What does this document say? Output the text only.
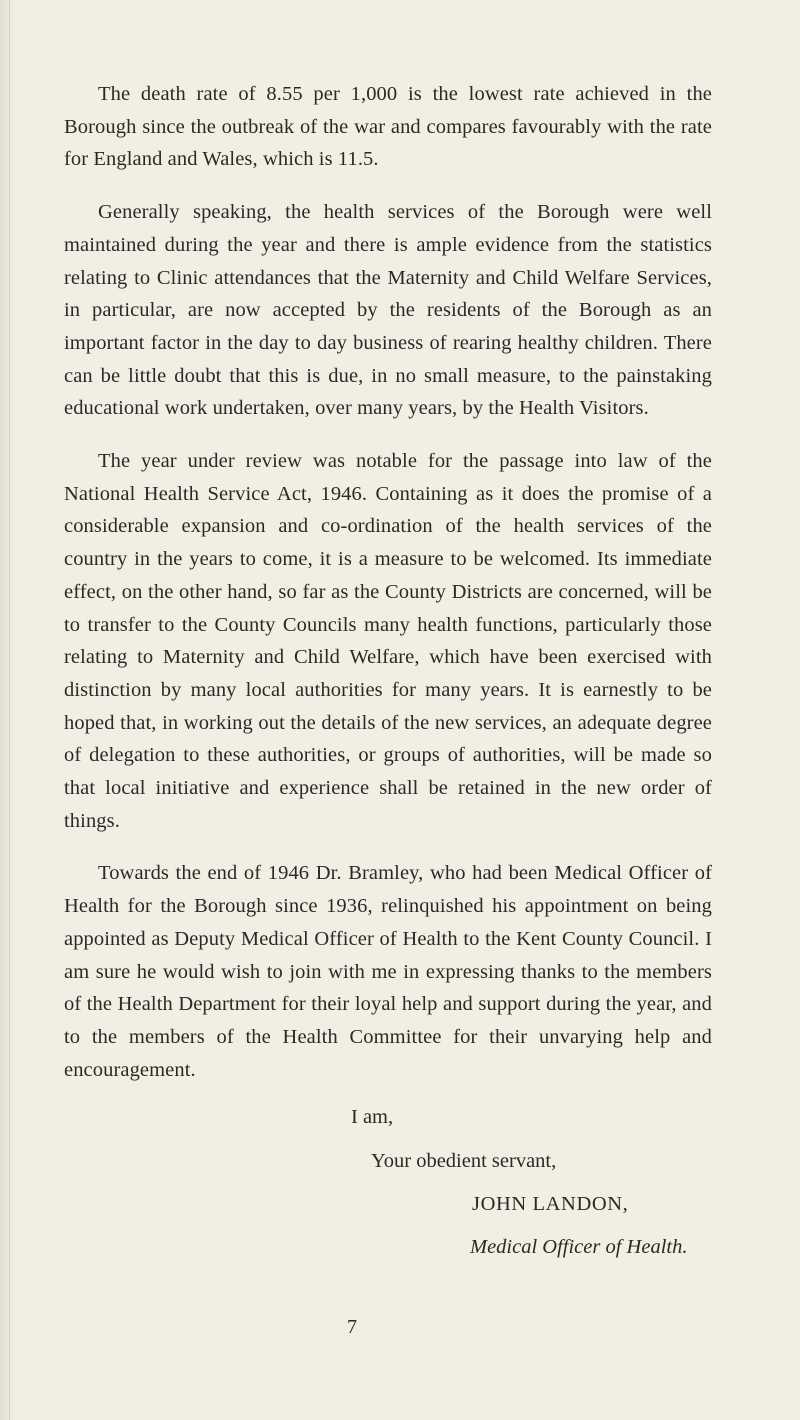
The death rate of 8.55 per 1,000 is the lowest rate achieved in the Borough since the outbreak of the war and compares favourably with the rate for England and Wales, which is 11.5.

Generally speaking, the health services of the Borough were well maintained during the year and there is ample evidence from the statistics relating to Clinic attendances that the Maternity and Child Welfare Services, in particular, are now accepted by the residents of the Borough as an important factor in the day to day business of rearing healthy children. There can be little doubt that this is due, in no small measure, to the painstaking educational work undertaken, over many years, by the Health Visitors.

The year under review was notable for the passage into law of the National Health Service Act, 1946. Containing as it does the promise of a considerable expansion and co-ordination of the health services of the country in the years to come, it is a measure to be welcomed. Its immediate effect, on the other hand, so far as the County Districts are concerned, will be to transfer to the County Councils many health functions, particularly those relating to Maternity and Child Welfare, which have been exercised with distinction by many local authorities for many years. It is earnestly to be hoped that, in working out the details of the new services, an adequate degree of delegation to these authorities, or groups of authorities, will be made so that local initiative and experience shall be retained in the new order of things.

Towards the end of 1946 Dr. Bramley, who had been Medical Officer of Health for the Borough since 1936, relinquished his appointment on being appointed as Deputy Medical Officer of Health to the Kent County Council. I am sure he would wish to join with me in expressing thanks to the members of the Health Department for their loyal help and support during the year, and to the members of the Health Committee for their unvarying help and encouragement.

I am,
Your obedient servant,
JOHN LANDON,
Medical Officer of Health.
7
